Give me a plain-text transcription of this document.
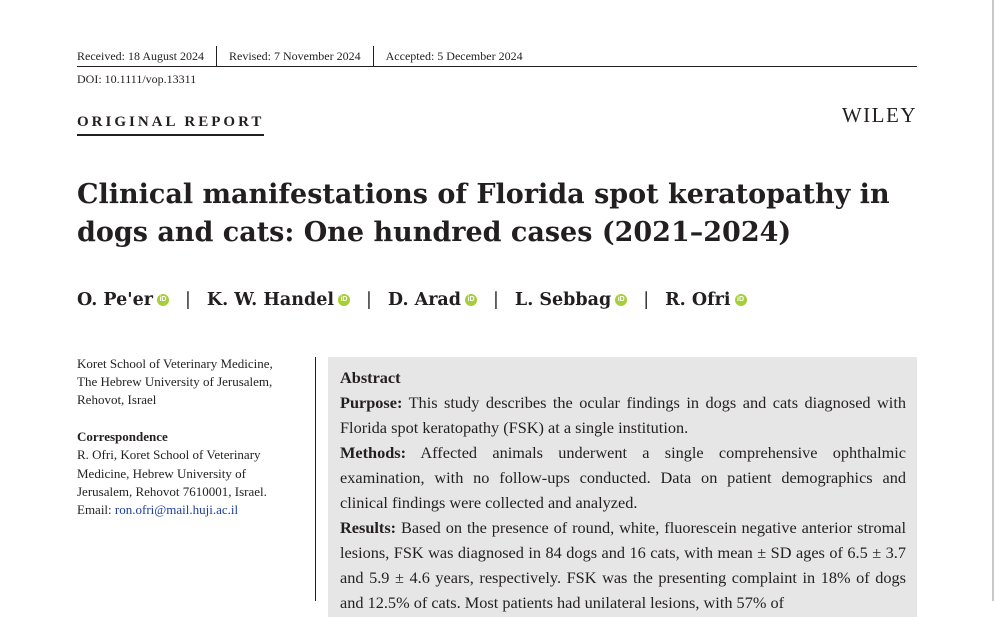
Received: 18 August 2024	Revised: 7 November 2024	Accepted: 5 December 2024
DOI: 10.1111/vop.13311
ORIGINAL REPORT	WILEY
Clinical manifestations of Florida spot keratopathy in dogs and cats: One hundred cases (2021–2024)
O. Pe'er iD | K. W. Handel iD | D. Arad iD | L. Sebbag iD | R. Ofri iD
Koret School of Veterinary Medicine,
The Hebrew University of Jerusalem,
Rehovot, Israel
Correspondence
R. Ofri, Koret School of Veterinary
Medicine, Hebrew University of
Jerusalem, Rehovot 7610001, Israel.
Email: ron.ofri@mail.huji.ac.il

Abstract

Purpose: This study describes the ocular findings in dogs and cats diagnosed with Florida spot keratopathy (FSK) at a single institution.

Methods: Affected animals underwent a single comprehensive ophthalmic examination, with no follow-ups conducted. Data on patient demographics and clinical findings were collected and analyzed.

Results: Based on the presence of round, white, fluorescein negative anterior stromal lesions, FSK was diagnosed in 84 dogs and 16 cats, with mean ± SD ages of 6.5 ± 3.7 and 5.9 ± 4.6 years, respectively. FSK was the presenting complaint in 18% of dogs and 12.5% of cats. Most patients had unilateral lesions, with 57% of
